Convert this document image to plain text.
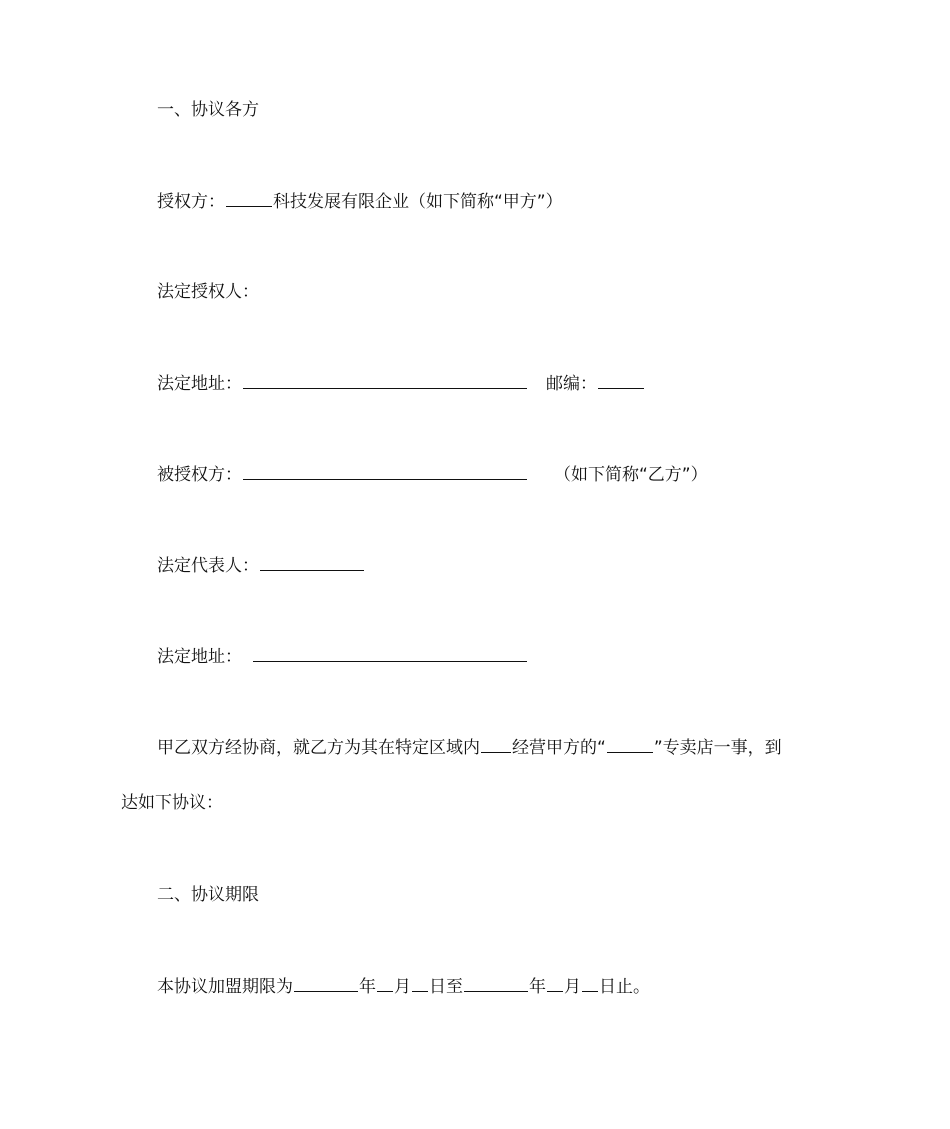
一、协议各方
授权方：	科技发展有限企业（如下简称“甲方”）
法定授权人：
法定地址：	邮编：
被授权方：	（如下简称“乙方”）
法定代表人：
法定地址：
甲乙双方经协商，就乙方为其在特定区域内 经营甲方的“	”专卖店一事，到
达如下协议：
二、协议期限
本协议加盟期限为	年 月 日至	年 月 日止。
